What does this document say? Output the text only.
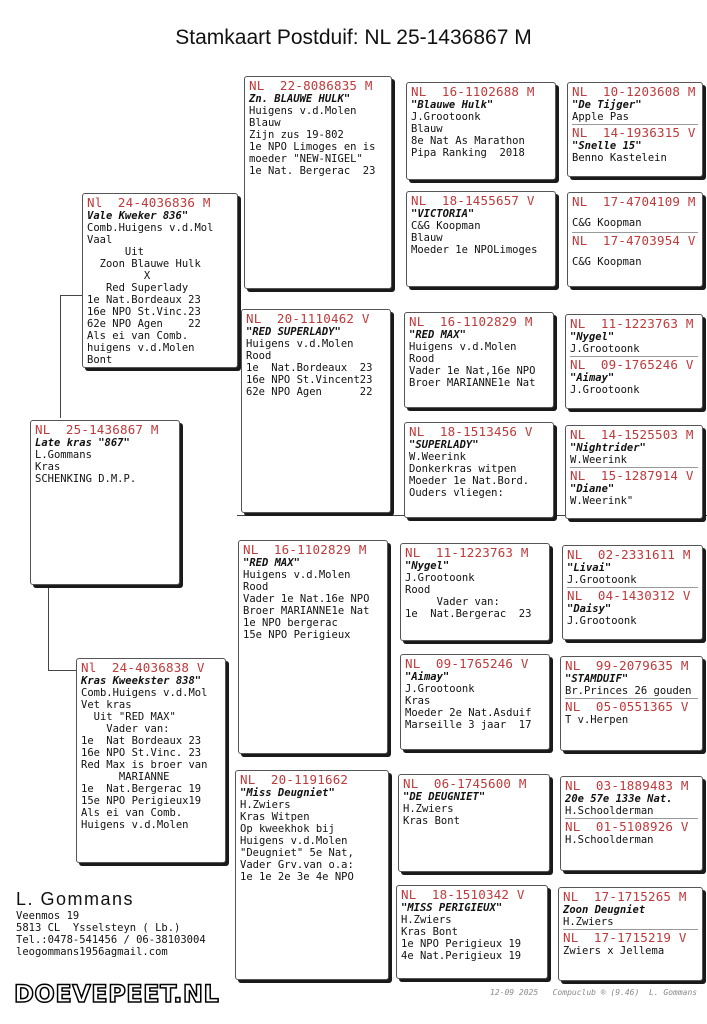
Stamkaart Postduif: NL 25-1436867 M
NL  25-1436867 M
Late kras "867"
L.Gommans
Kras
SCHENKING D.M.P.
Nl  24-4036836 M
Vale Kweker 836"
Comb.Huigens v.d.Mol
Vaal
Uit
Zoon Blauwe Hulk
X
Red Superlady
1e Nat.Bordeaux 23
16e NPO St.Vinc.23
62e NPO Agen    22
Als ei van Comb.
huigens v.d.Molen
Bont
Nl  24-4036838 V
Kras Kweekster 838"
Comb.Huigens v.d.Mol
Vet kras
Uit "RED MAX"
Vader van:
1e  Nat Bordeaux 23
16e NPO St.Vinc. 23
Red Max is broer van
MARIANNE
1e  Nat.Bergerac 19
15e NPO Perigieux19
Als ei van Comb.
Huigens v.d.Molen
NL  22-8086835 M
Zn. BLAUWE HULK"
Huigens v.d.Molen
Blauw
Zijn zus 19-802
1e NPO Limoges en is
moeder "NEW-NIGEL"
1e Nat. Bergerac  23
NL  20-1110462 V
"RED SUPERLADY"
Huigens v.d.Molen
Rood
1e  Nat.Bordeaux  23
16e NPO St.Vincent23
62e NPO Agen      22
NL  16-1102829 M
"RED MAX"
Huigens v.d.Molen
Rood
Vader 1e Nat.16e NPO
Broer MARIANNE1e Nat
1e NPO bergerac
15e NPO Perigieux
NL  20-1191662
"Miss Deugniet"
H.Zwiers
Kras Witpen
Op kweekhok bij
Huigens v.d.Molen
"Deugniet" 5e Nat,
Vader Grv.van o.a:
1e 1e 2e 3e 4e NPO
NL  16-1102688 M
"Blauwe Hulk"
J.Grootoonk
Blauw
8e Nat As Marathon
Pipa Ranking  2018
NL  18-1455657 V
"VICTORIA"
C&G Koopman
Blauw
Moeder 1e NPOLimoges
NL  16-1102829 M
"RED MAX"
Huigens v.d.Molen
Rood
Vader 1e Nat,16e NPO
Broer MARIANNE1e Nat
NL  18-1513456 V
"SUPERLADY"
W.Weerink
Donkerkras witpen
Moeder 1e Nat.Bord.
Ouders vliegen:
NL  11-1223763 M
"Nygel"
J.Grootoonk
Rood
Vader van:
1e  Nat.Bergerac  23
NL  09-1765246 V
"Aimay"
J.Grootoonk
Kras
Moeder 2e Nat.Asduif
Marseille 3 jaar  17
NL  06-1745600 M
"DE DEUGNIET"
H.Zwiers
Kras Bont
NL  18-1510342 V
"MISS PERIGIEUX"
H.Zwiers
Kras Bont
1e NPO Perigieux 19
4e Nat.Perigieux 19
NL  10-1203608 M
"De Tijger"
Apple Pas
NL  14-1936315 V
"Snelle 15"
Benno Kastelein
NL  17-4704109 M
C&G Koopman
NL  17-4703954 V
C&G Koopman
NL  11-1223763 M
"Nygel"
J.Grootoonk
NL  09-1765246 V
"Aimay"
J.Grootoonk
NL  14-1525503 M
"Nightrider"
W.Weerink
NL  15-1287914 V
"Diane"
W.Weerink"
NL  02-2331611 M
"Livai"
J.Grootoonk
NL  04-1430312 V
"Daisy"
J.Grootoonk
NL  99-2079635 M
"STAMDUIF"
Br.Princes 26 gouden
NL  05-0551365 V
T v.Herpen
NL  03-1889483 M
20e 57e 133e Nat.
H.Schoolderman
NL  01-5108926 V
H.Schoolderman
NL  17-1715265 M
Zoon Deugniet
H.Zwiers
NL  17-1715219 V
Zwiers x Jellema
L. Gommans
Veenmos 19
5813 CL  Ysselsteyn ( Lb.)
Tel.:0478-541456 / 06-38103004
leogommans1956agmail.com
DOEVEPEET.NL	12-09 2025   Compuclub ® (9.46)  L. Gommans
